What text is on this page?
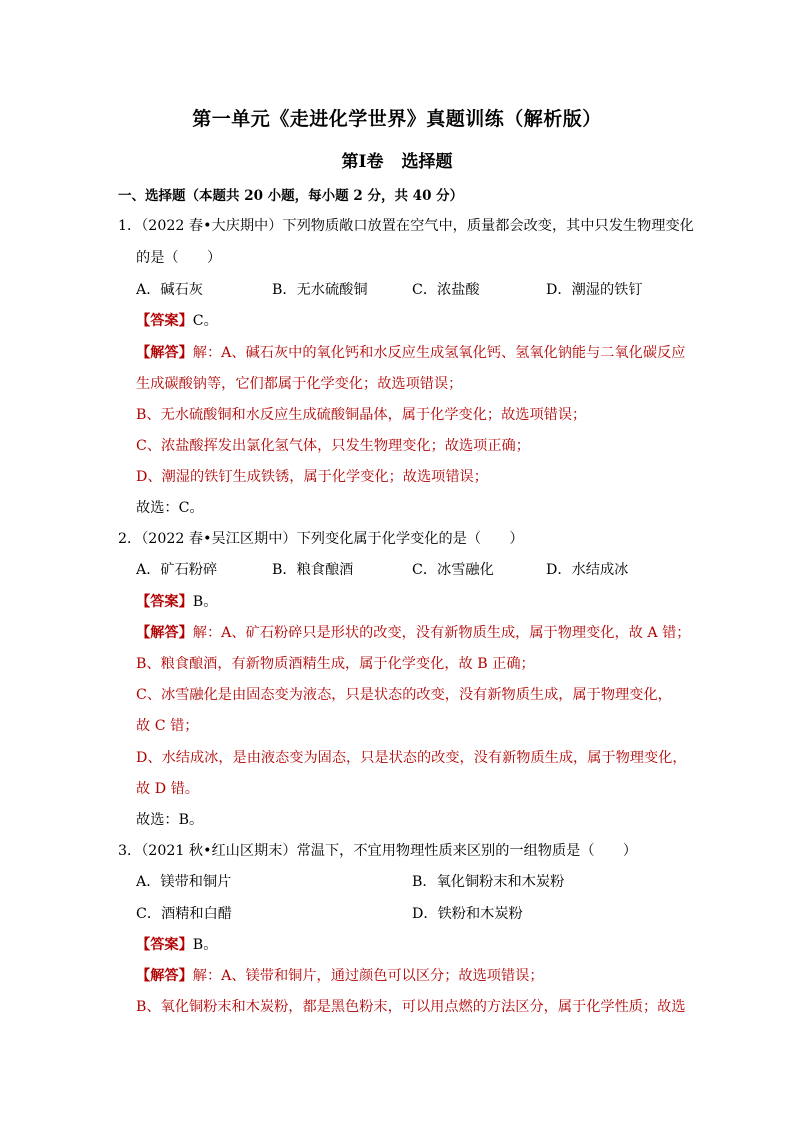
第一单元《走进化学世界》真题训练（解析版）
第Ⅰ卷 选择题
一、选择题（本题共 20 小题，每小题 2 分，共 40 分）
1．（2022 春•大庆期中）下列物质敞口放置在空气中，质量都会改变，其中只发生物理变化
的是（　　）
A．碱石灰	B．无水硫酸铜	C．浓盐酸	D．潮湿的铁钉
【答案】C。
【解答】解：A、碱石灰中的氧化钙和水反应生成氢氧化钙、氢氧化钠能与二氧化碳反应
生成碳酸钠等，它们都属于化学变化；故选项错误；
B、无水硫酸铜和水反应生成硫酸铜晶体，属于化学变化；故选项错误；
C、浓盐酸挥发出氯化氢气体，只发生物理变化；故选项正确；
D、潮湿的铁钉生成铁锈，属于化学变化；故选项错误；
故选：C。
2．（2022 春•吴江区期中）下列变化属于化学变化的是（　　）
A．矿石粉碎	B．粮食酿酒	C．冰雪融化	D．水结成冰
【答案】B。
【解答】解：A、矿石粉碎只是形状的改变，没有新物质生成，属于物理变化，故 A 错；
B、粮食酿酒，有新物质酒精生成，属于化学变化，故 B 正确；
C、冰雪融化是由固态变为液态，只是状态的改变，没有新物质生成，属于物理变化，
故 C 错；
D、水结成冰，是由液态变为固态，只是状态的改变，没有新物质生成，属于物理变化，
故 D 错。
故选：B。
3．（2021 秋•红山区期末）常温下，不宜用物理性质来区别的一组物质是（　　）
A．镁带和铜片	B．氧化铜粉末和木炭粉
C．酒精和白醋	D．铁粉和木炭粉
【答案】B。
【解答】解：A、镁带和铜片，通过颜色可以区分；故选项错误；
B、氧化铜粉末和木炭粉，都是黑色粉末，可以用点燃的方法区分，属于化学性质；故选
